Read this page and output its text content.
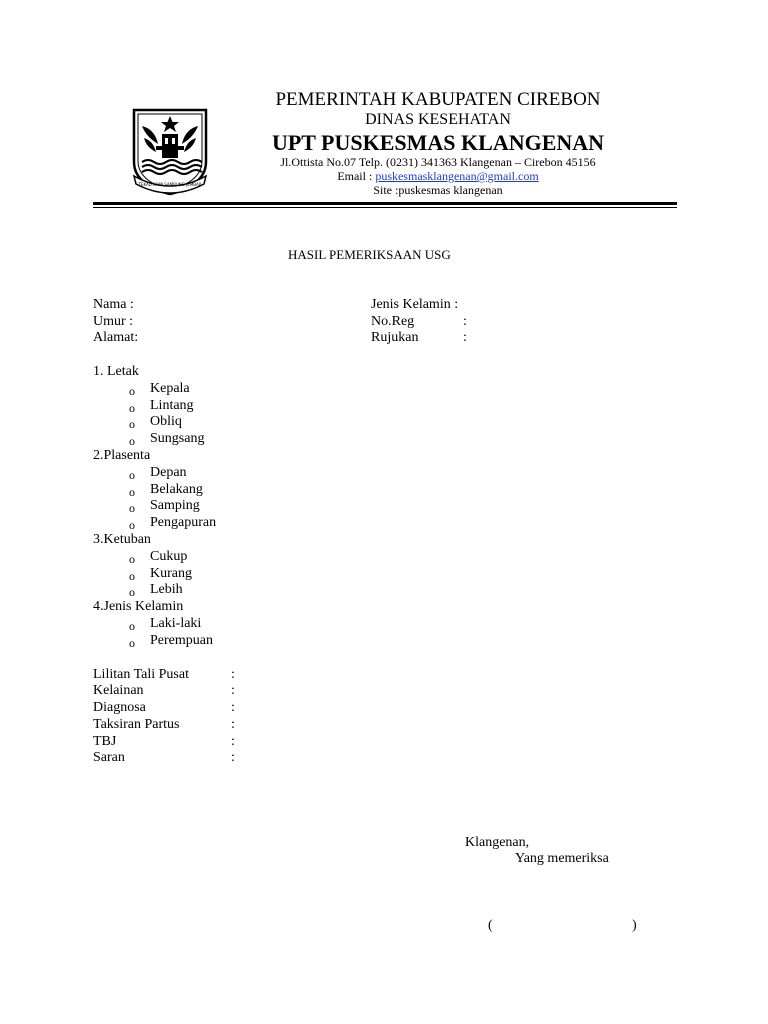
TEKAD KAMI SAMBUNG JEMBAR
PEMERINTAH KABUPATEN CIREBON
DINAS KESEHATAN
UPT PUSKESMAS KLANGENAN
Jl.Ottista No.07 Telp. (0231) 341363 Klangenan – Cirebon 45156
Email : puskesmasklangenan@gmail.com
Site :puskesmas klangenan
HASIL PEMERIKSAAN USG
Nama :
Umur :
Alamat:
Jenis Kelamin :
No.Reg	:
Rujukan	:
1. Letak
o Kepala
o Lintang
o Obliq
o Sungsang
2.Plasenta
o Depan
o Belakang
o Samping
o Pengapuran
3.Ketuban
o Cukup
o Kurang
o Lebih
4.Jenis Kelamin
o Laki-laki
o Perempuan
Lilitan Tali Pusat	:
Kelainan	:
Diagnosa	:
Taksiran Partus	:
TBJ	:
Saran	:
Klangenan,
Yang memeriksa
(	)
